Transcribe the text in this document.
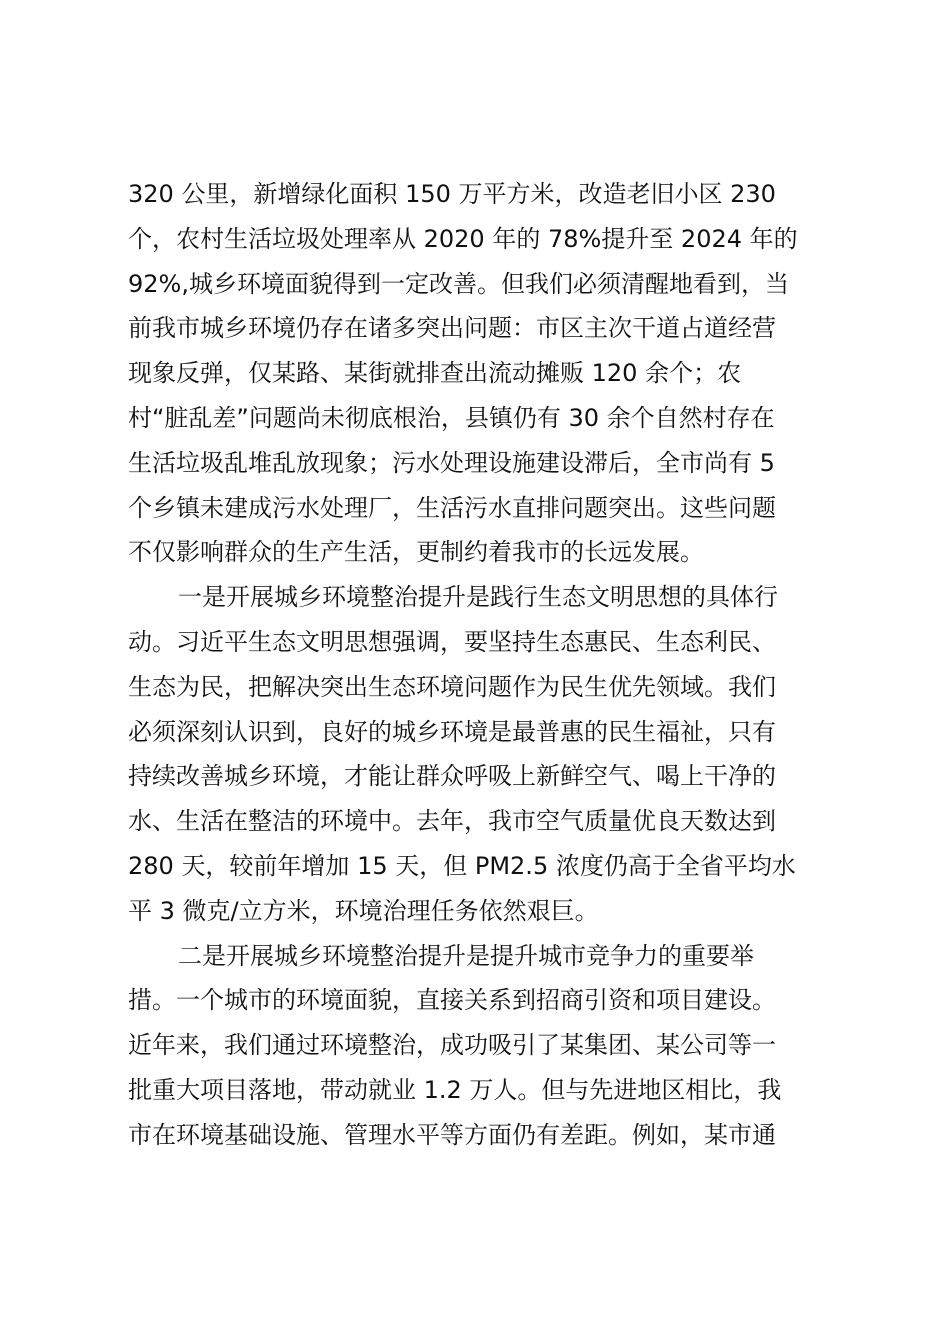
320 公里，新增绿化面积 150 万平方米，改造老旧小区 230
个，农村生活垃圾处理率从 2020 年的 78%提升至 2024 年的
92%,城乡环境面貌得到一定改善。但我们必须清醒地看到，当
前我市城乡环境仍存在诸多突出问题：市区主次干道占道经营
现象反弹，仅某路、某街就排查出流动摊贩 120 余个；农
村“脏乱差”问题尚未彻底根治，县镇仍有 30 余个自然村存在
生活垃圾乱堆乱放现象；污水处理设施建设滞后，全市尚有 5
个乡镇未建成污水处理厂，生活污水直排问题突出。这些问题
不仅影响群众的生产生活，更制约着我市的长远发展。
一是开展城乡环境整治提升是践行生态文明思想的具体行
动。习近平生态文明思想强调，要坚持生态惠民、生态利民、
生态为民，把解决突出生态环境问题作为民生优先领域。我们
必须深刻认识到，良好的城乡环境是最普惠的民生福祉，只有
持续改善城乡环境，才能让群众呼吸上新鲜空气、喝上干净的
水、生活在整洁的环境中。去年，我市空气质量优良天数达到
280 天，较前年增加 15 天，但 PM2.5 浓度仍高于全省平均水
平 3 微克/立方米，环境治理任务依然艰巨。
二是开展城乡环境整治提升是提升城市竞争力的重要举
措。一个城市的环境面貌，直接关系到招商引资和项目建设。
近年来，我们通过环境整治，成功吸引了某集团、某公司等一
批重大项目落地，带动就业 1.2 万人。但与先进地区相比，我
市在环境基础设施、管理水平等方面仍有差距。例如，某市通
